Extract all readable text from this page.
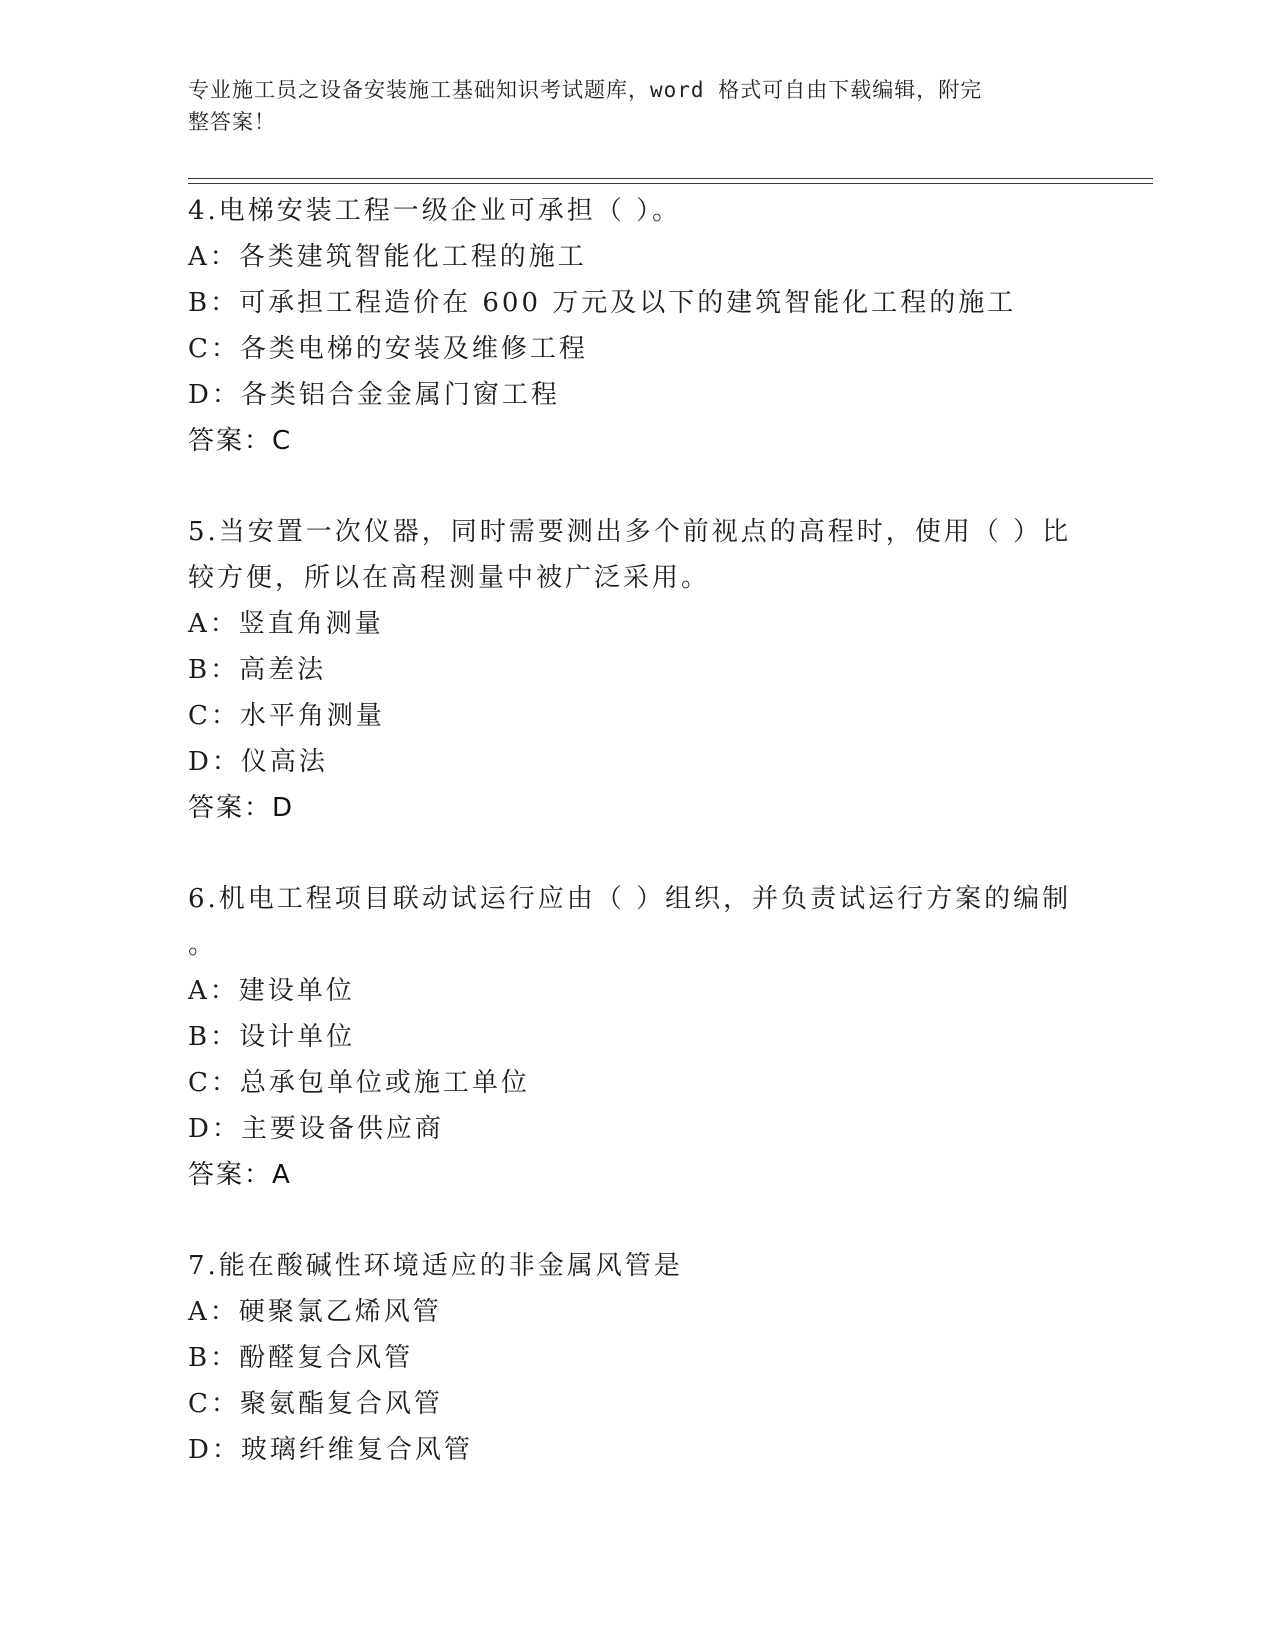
专业施工员之设备安装施工基础知识考试题库，word 格式可自由下载编辑，附完
整答案！
4.电梯安装工程一级企业可承担（ ）。
A：各类建筑智能化工程的施工
B：可承担工程造价在 600 万元及以下的建筑智能化工程的施工
C：各类电梯的安装及维修工程
D：各类铝合金金属门窗工程
答案：C
5.当安置一次仪器，同时需要测出多个前视点的高程时，使用（ ）比
较方便，所以在高程测量中被广泛采用。
A：竖直角测量
B：高差法
C：水平角测量
D：仪高法
答案：D
6.机电工程项目联动试运行应由（ ）组织，并负责试运行方案的编制
。
A：建设单位
B：设计单位
C：总承包单位或施工单位
D：主要设备供应商
答案：A
7.能在酸碱性环境适应的非金属风管是
A：硬聚氯乙烯风管
B：酚醛复合风管
C：聚氨酯复合风管
D：玻璃纤维复合风管
